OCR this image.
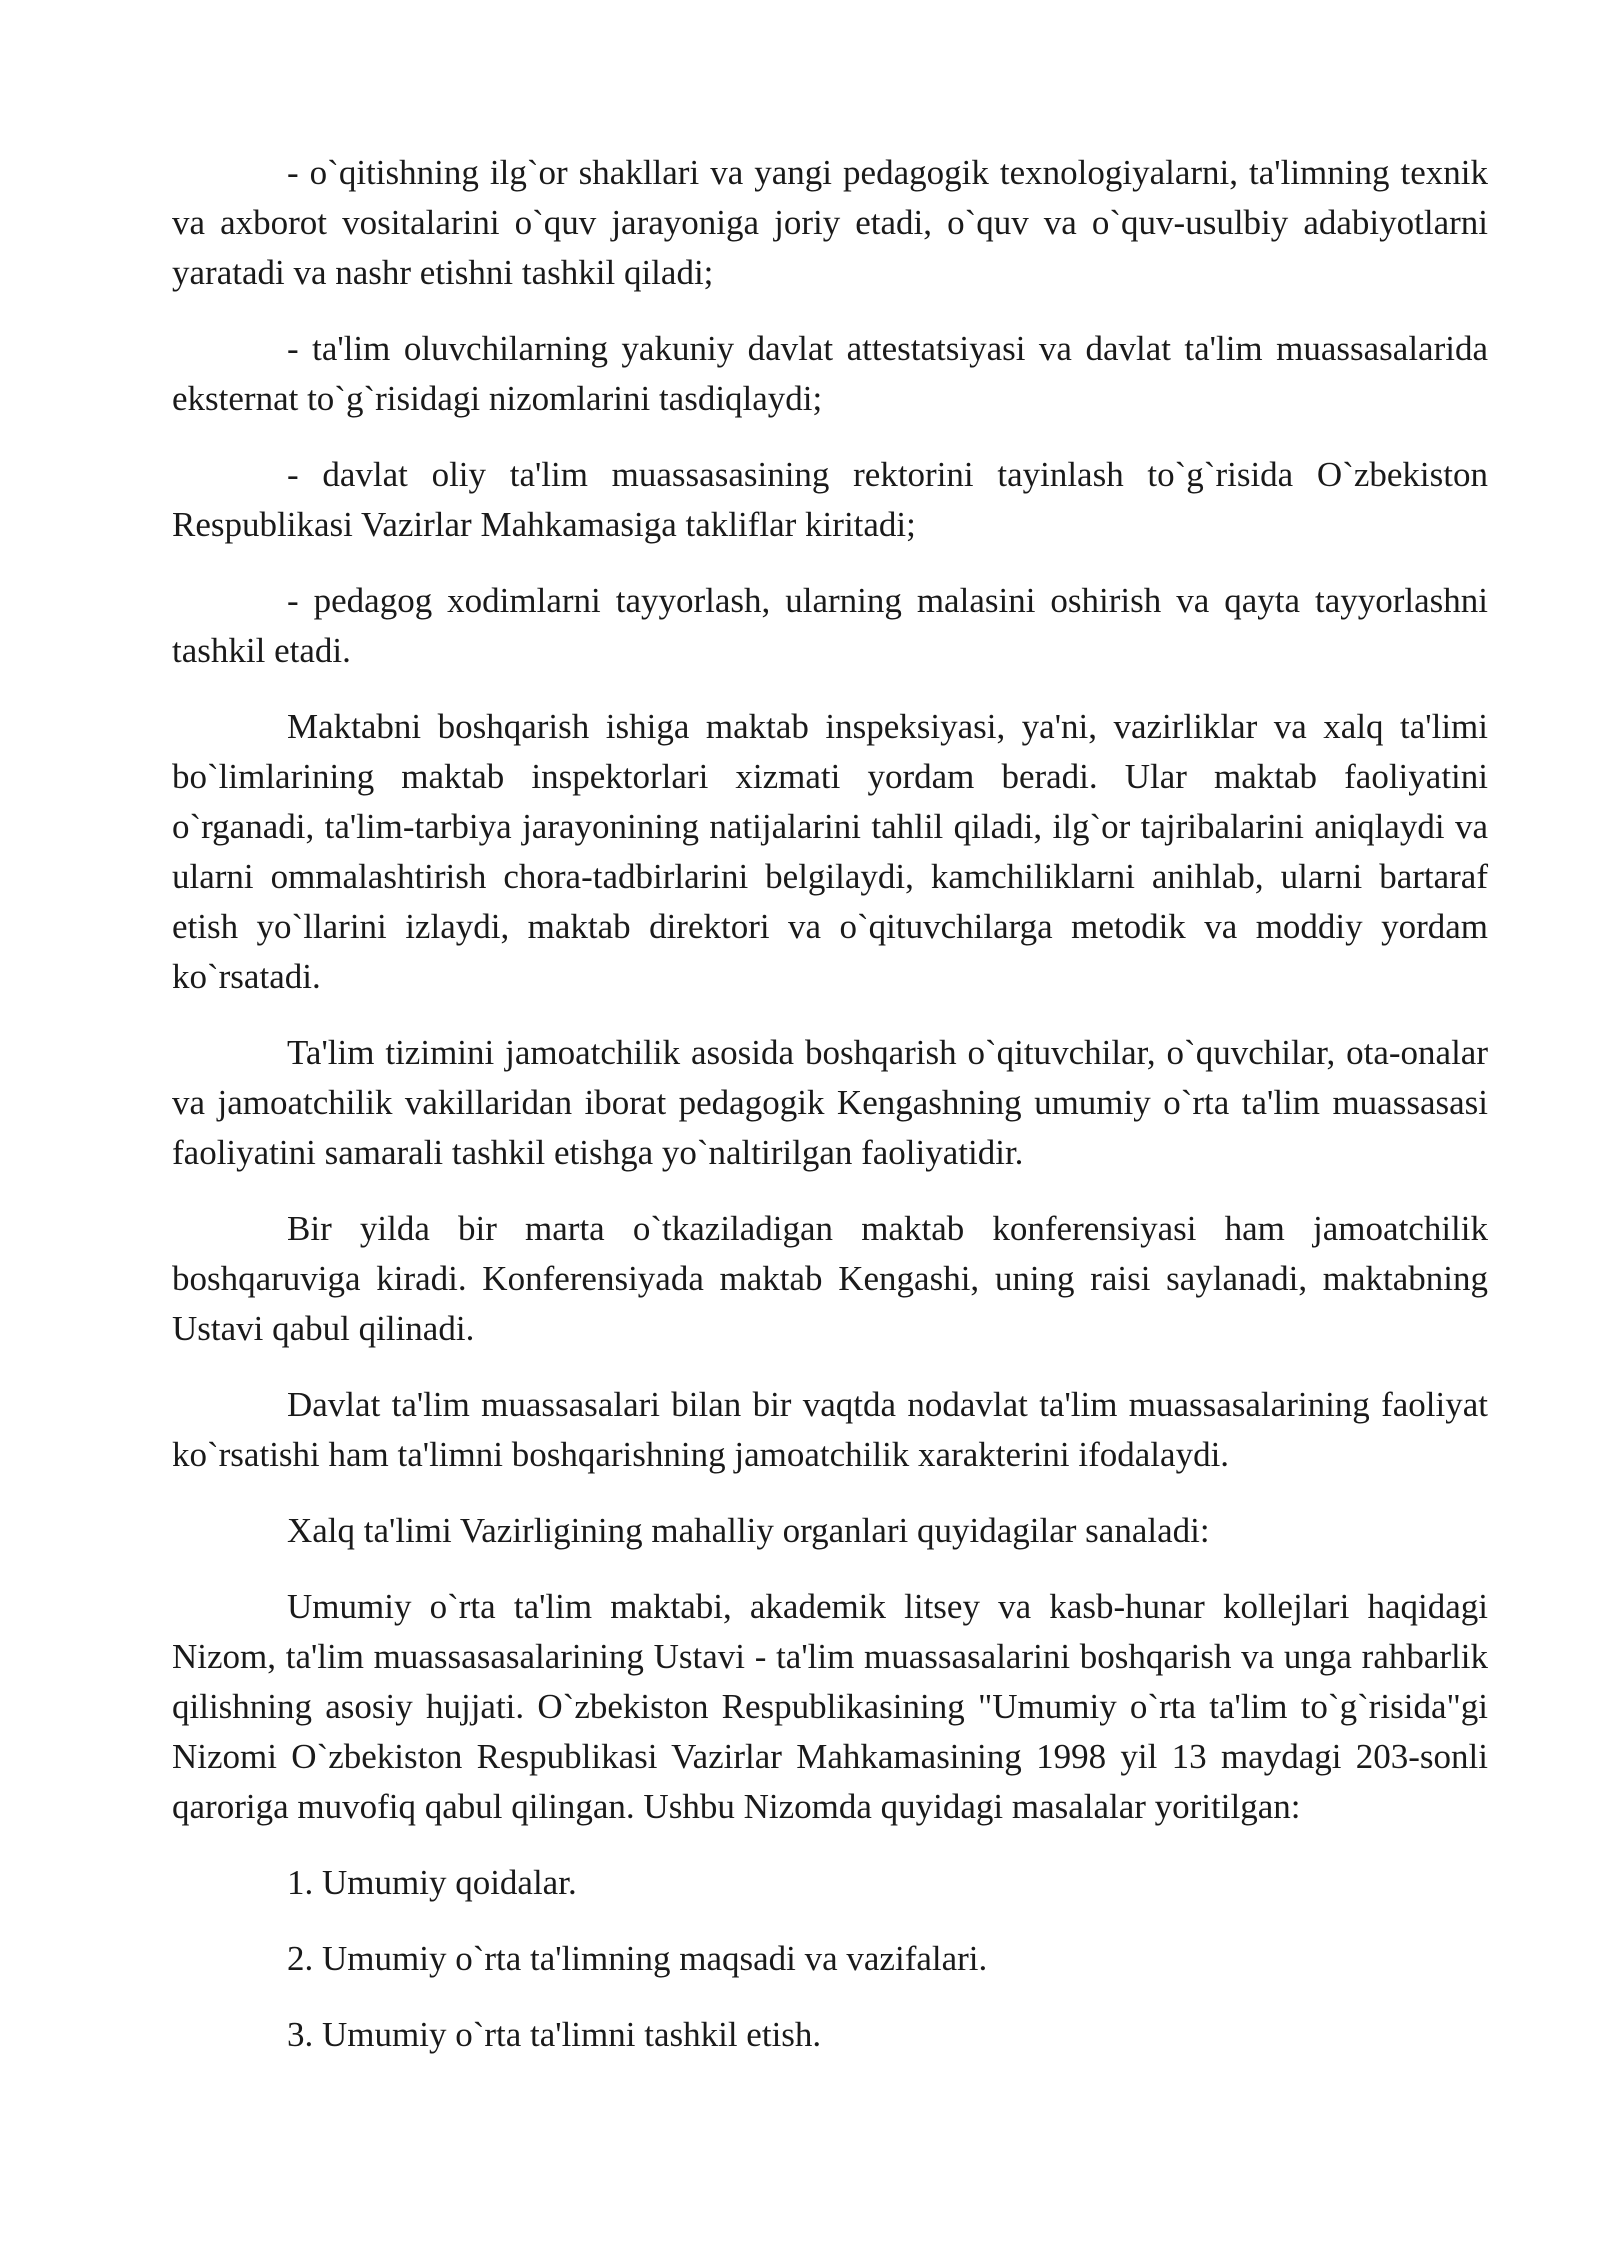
- o`qitishning ilg`or shakllari va yangi pedagogik texnologiyalarni, ta'limning texnik va axborot vositalarini o`quv jarayoniga joriy etadi, o`quv va o`quv-usulbiy adabiyotlarni yaratadi va nashr etishni tashkil qiladi;

- ta'lim oluvchilarning yakuniy davlat attestatsiyasi va davlat ta'lim muassasalarida eksternat to`g`risidagi nizomlarini tasdiqlaydi;

- davlat oliy ta'lim muassasasining rektorini tayinlash to`g`risida O`zbekiston Respublikasi Vazirlar Mahkamasiga takliflar kiritadi;

- pedagog xodimlarni tayyorlash, ularning malasini oshirish va qayta tayyorlashni tashkil etadi.

Maktabni boshqarish ishiga maktab inspeksiyasi, ya'ni, vazirliklar va xalq ta'limi bo`limlarining maktab inspektorlari xizmati yordam beradi. Ular maktab faoliyatini o`rganadi, ta'lim-tarbiya jarayonining natijalarini tahlil qiladi, ilg`or tajribalarini aniqlaydi va ularni ommalashtirish chora-tadbirlarini belgilaydi, kamchiliklarni anihlab, ularni bartaraf etish yo`llarini izlaydi, maktab direktori va o`qituvchilarga metodik va moddiy yordam ko`rsatadi.

Ta'lim tizimini jamoatchilik asosida boshqarish o`qituvchilar, o`quvchilar, ota-onalar va jamoatchilik vakillaridan iborat pedagogik Kengashning umumiy o`rta ta'lim muassasasi faoliyatini samarali tashkil etishga yo`naltirilgan faoliyatidir.

Bir yilda bir marta o`tkaziladigan maktab konferensiyasi ham jamoatchilik boshqaruviga kiradi. Konferensiyada maktab Kengashi, uning raisi saylanadi, maktabning Ustavi qabul qilinadi.

Davlat ta'lim muassasalari bilan bir vaqtda nodavlat ta'lim muassasalarining faoliyat ko`rsatishi ham ta'limni boshqarishning jamoatchilik xarakterini ifodalaydi.

Xalq ta'limi Vazirligining mahalliy organlari quyidagilar sanaladi:

Umumiy o`rta ta'lim maktabi, akademik litsey va kasb-hunar kollejlari haqidagi Nizom, ta'lim muassasasalarining Ustavi - ta'lim muassasalarini boshqarish va unga rahbarlik qilishning asosiy hujjati. O`zbekiston Respublikasining "Umumiy o`rta ta'lim to`g`risida"gi Nizomi O`zbekiston Respublikasi Vazirlar Mahkamasining 1998 yil 13 maydagi 203-sonli qaroriga muvofiq qabul qilingan. Ushbu Nizomda quyidagi masalalar yoritilgan:

1. Umumiy qoidalar.

2. Umumiy o`rta ta'limning maqsadi va vazifalari.

3. Umumiy o`rta ta'limni tashkil etish.
